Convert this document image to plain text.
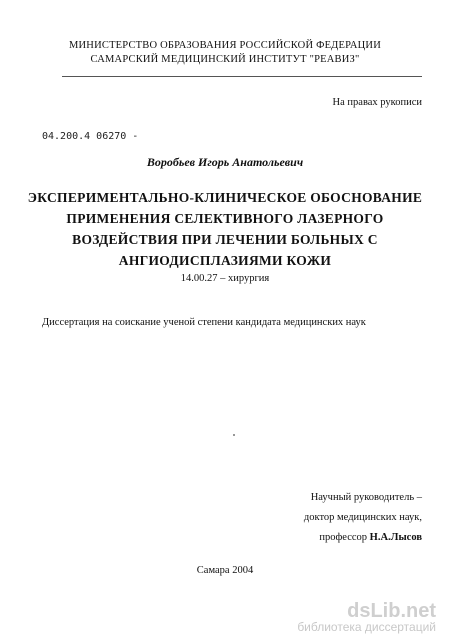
МИНИСТЕРСТВО ОБРАЗОВАНИЯ РОССИЙСКОЙ ФЕДЕРАЦИИ
САМАРСКИЙ МЕДИЦИНСКИЙ ИНСТИТУТ "РЕАВИЗ"
На правах рукописи
04.200.4 06270 -
Воробьев Игорь Анатольевич
ЭКСПЕРИМЕНТАЛЬНО-КЛИНИЧЕСКОЕ ОБОСНОВАНИЕ
ПРИМЕНЕНИЯ СЕЛЕКТИВНОГО ЛАЗЕРНОГО
ВОЗДЕЙСТВИЯ ПРИ ЛЕЧЕНИИ БОЛЬНЫХ С
АНГИОДИСПЛАЗИЯМИ КОЖИ
14.00.27 – хирургия
Диссертация на соискание ученой степени кандидата медицинских наук
Научный руководитель –
доктор медицинских наук,
профессор Н.А.Лысов
Самара 2004
dsLib.net
библиотека диссертаций
